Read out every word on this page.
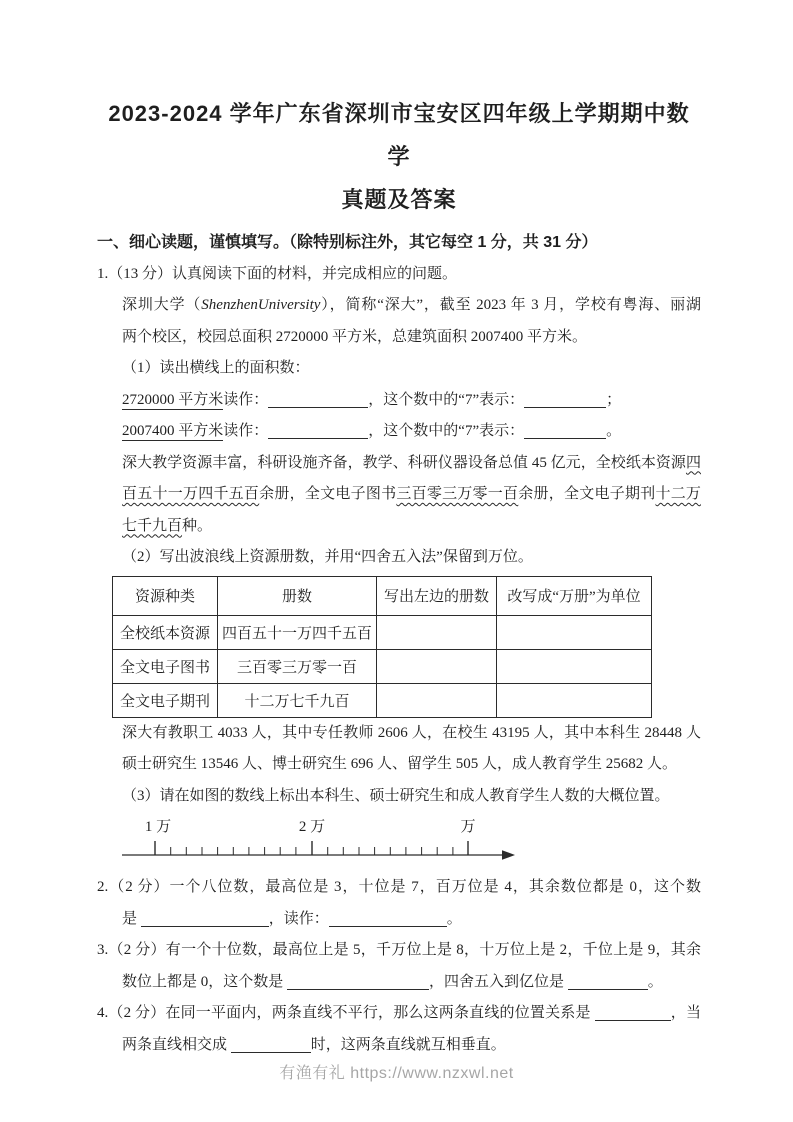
2023-2024 学年广东省深圳市宝安区四年级上学期期中数学
真题及答案
一、细心读题，谨慎填写。（除特别标注外，其它每空 1 分，共 31 分）
1.（13 分）认真阅读下面的材料，并完成相应的问题。
深圳大学（ShenzhenUniversity），简称“深大”，截至 2023 年 3 月，学校有粤海、丽湖
两个校区，校园总面积 2720000 平方米，总建筑面积 2007400 平方米。
（1）读出横线上的面积数：
2720000 平方米读作：	，这个数中的“7”表示：	；
2007400 平方米读作：	，这个数中的“7”表示：	。
深大教学资源丰富，科研设施齐备，教学、科研仪器设备总值 45 亿元，全校纸本资源四
百五十一万四千五百余册，全文电子图书三百零三万零一百余册，全文电子期刊十二万
七千九百种。
（2）写出波浪线上资源册数，并用“四舍五入法”保留到万位。
资源种类	册数	写出左边的册数	改写成“万册”为单位
全校纸本资源	四百五十一万四千五百		
全文电子图书	三百零三万零一百		
全文电子期刊	十二万七千九百		
深大有教职工 4033 人，其中专任教师 2606 人，在校生 43195 人，其中本科生 28448 人
硕士研究生 13546 人、博士研究生 696 人、留学生 505 人，成人教育学生 25682 人。
（3）请在如图的数线上标出本科生、硕士研究生和成人教育学生人数的大概位置。
1 万	2 万	万
2.（2 分）一个八位数，最高位是 3，十位是 7，百万位是 4，其余数位都是 0，这个数
是	，读作：	。
3.（2 分）有一个十位数，最高位上是 5，千万位上是 8，十万位上是 2，千位上是 9，其余
数位上都是 0，这个数是	，四舍五入到亿位是	。
4.（2 分）在同一平面内，两条直线不平行，那么这两条直线的位置关系是	，当
两条直线相交成	时，这两条直线就互相垂直。
有渔有礼 https://www.nzxwl.net
